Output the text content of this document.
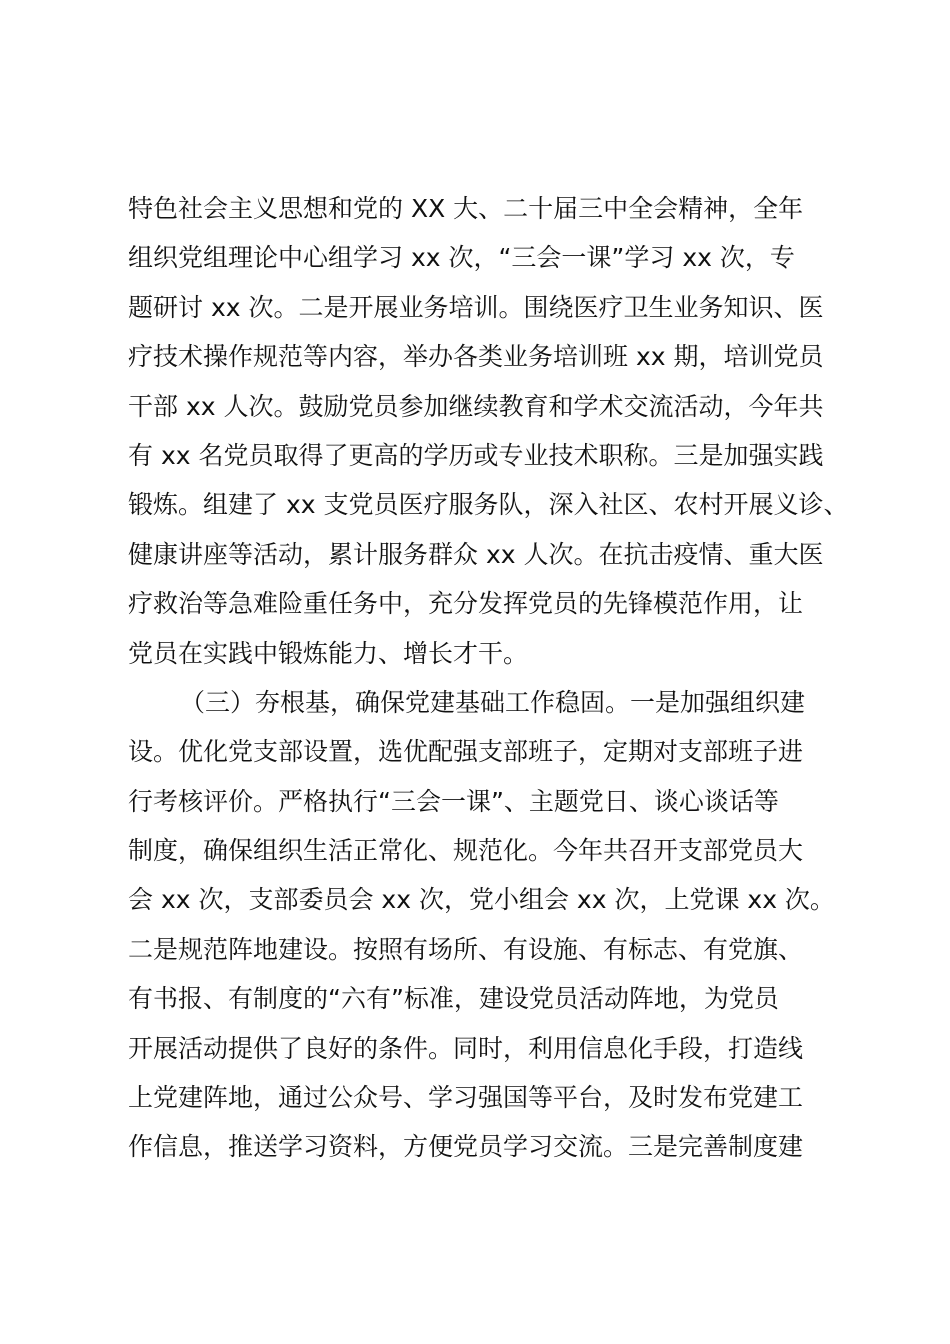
特色社会主义思想和党的 XX 大、二十届三中全会精神，全年

组织党组理论中心组学习 xx 次，“三会一课”学习 xx 次，专

题研讨 xx 次。二是开展业务培训。围绕医疗卫生业务知识、医

疗技术操作规范等内容，举办各类业务培训班 xx 期，培训党员

干部 xx 人次。鼓励党员参加继续教育和学术交流活动，今年共

有 xx 名党员取得了更高的学历或专业技术职称。三是加强实践

锻炼。组建了 xx 支党员医疗服务队，深入社区、农村开展义诊、

健康讲座等活动，累计服务群众 xx 人次。在抗击疫情、重大医

疗救治等急难险重任务中，充分发挥党员的先锋模范作用，让

党员在实践中锻炼能力、增长才干。

（三）夯根基，确保党建基础工作稳固。一是加强组织建

设。优化党支部设置，选优配强支部班子，定期对支部班子进

行考核评价。严格执行“三会一课”、主题党日、谈心谈话等

制度，确保组织生活正常化、规范化。今年共召开支部党员大

会 xx 次，支部委员会 xx 次，党小组会 xx 次，上党课 xx 次。

二是规范阵地建设。按照有场所、有设施、有标志、有党旗、

有书报、有制度的“六有”标准，建设党员活动阵地，为党员

开展活动提供了良好的条件。同时，利用信息化手段，打造线

上党建阵地，通过公众号、学习强国等平台，及时发布党建工

作信息，推送学习资料，方便党员学习交流。三是完善制度建
